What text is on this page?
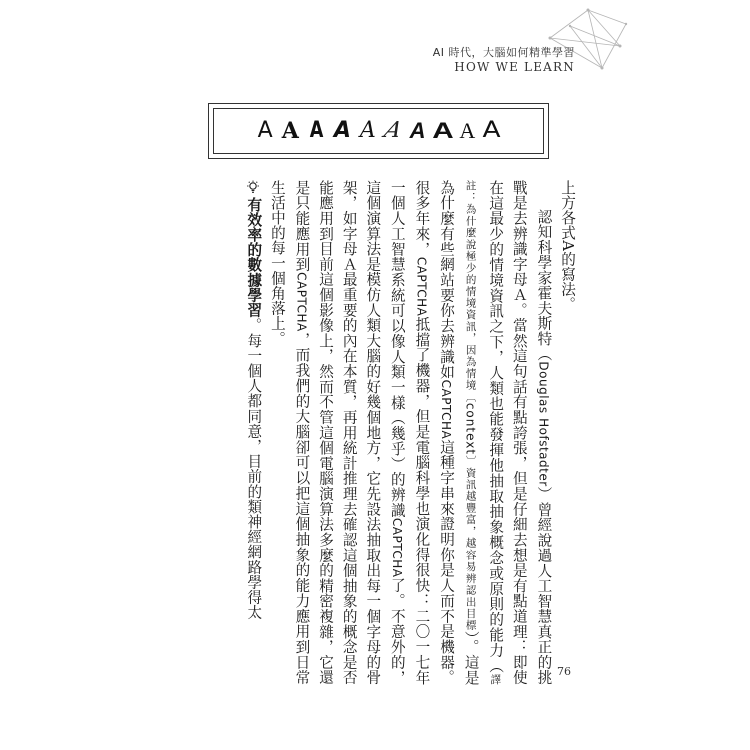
AI 時代，大腦如何精準學習
HOW WE LEARN
A A A A A A A A A A

上方各式A的寫法。

認知科學家霍夫斯特（Douglas Hofstadter）曾經說過人工智慧真正的挑戰是去辨識字母Ａ。當然這句話有點誇張，但是仔細去想是有點道理：即使在這最少的情境資訊之下，人類也能發揮他抽取抽象概念或原則的能力（譯註：為什麼說極少的情境資訊，因為情境〔context〕資訊越豐富，越容易辨認出目標）。這是為什麼有些網站要你去辨識如CAPTCHA這種字串來證明你是人而不是機器。很多年來，CAPTCHA抵擋了機器，但是電腦科學也演化得很快：二〇一七年一個人工智慧系統可以像人類一樣（幾乎）的辨識CAPTCHA了。不意外的，這個演算法是模仿人類大腦的好幾個地方，它先設法抽取出每一個字母的骨架，如字母Ａ最重要的內在本質，再用統計推理去確認這個抽象的概念是否能應用到目前這個影像上，然而不管這個電腦演算法多麼的精密複雜，它還是只能應用到CAPTCHA，而我們的大腦卻可以把這個抽象的能力應用到日常生活中的每一個角落上。

有效率的數據學習。每一個人都同意，目前的類神經網路學得太

76
